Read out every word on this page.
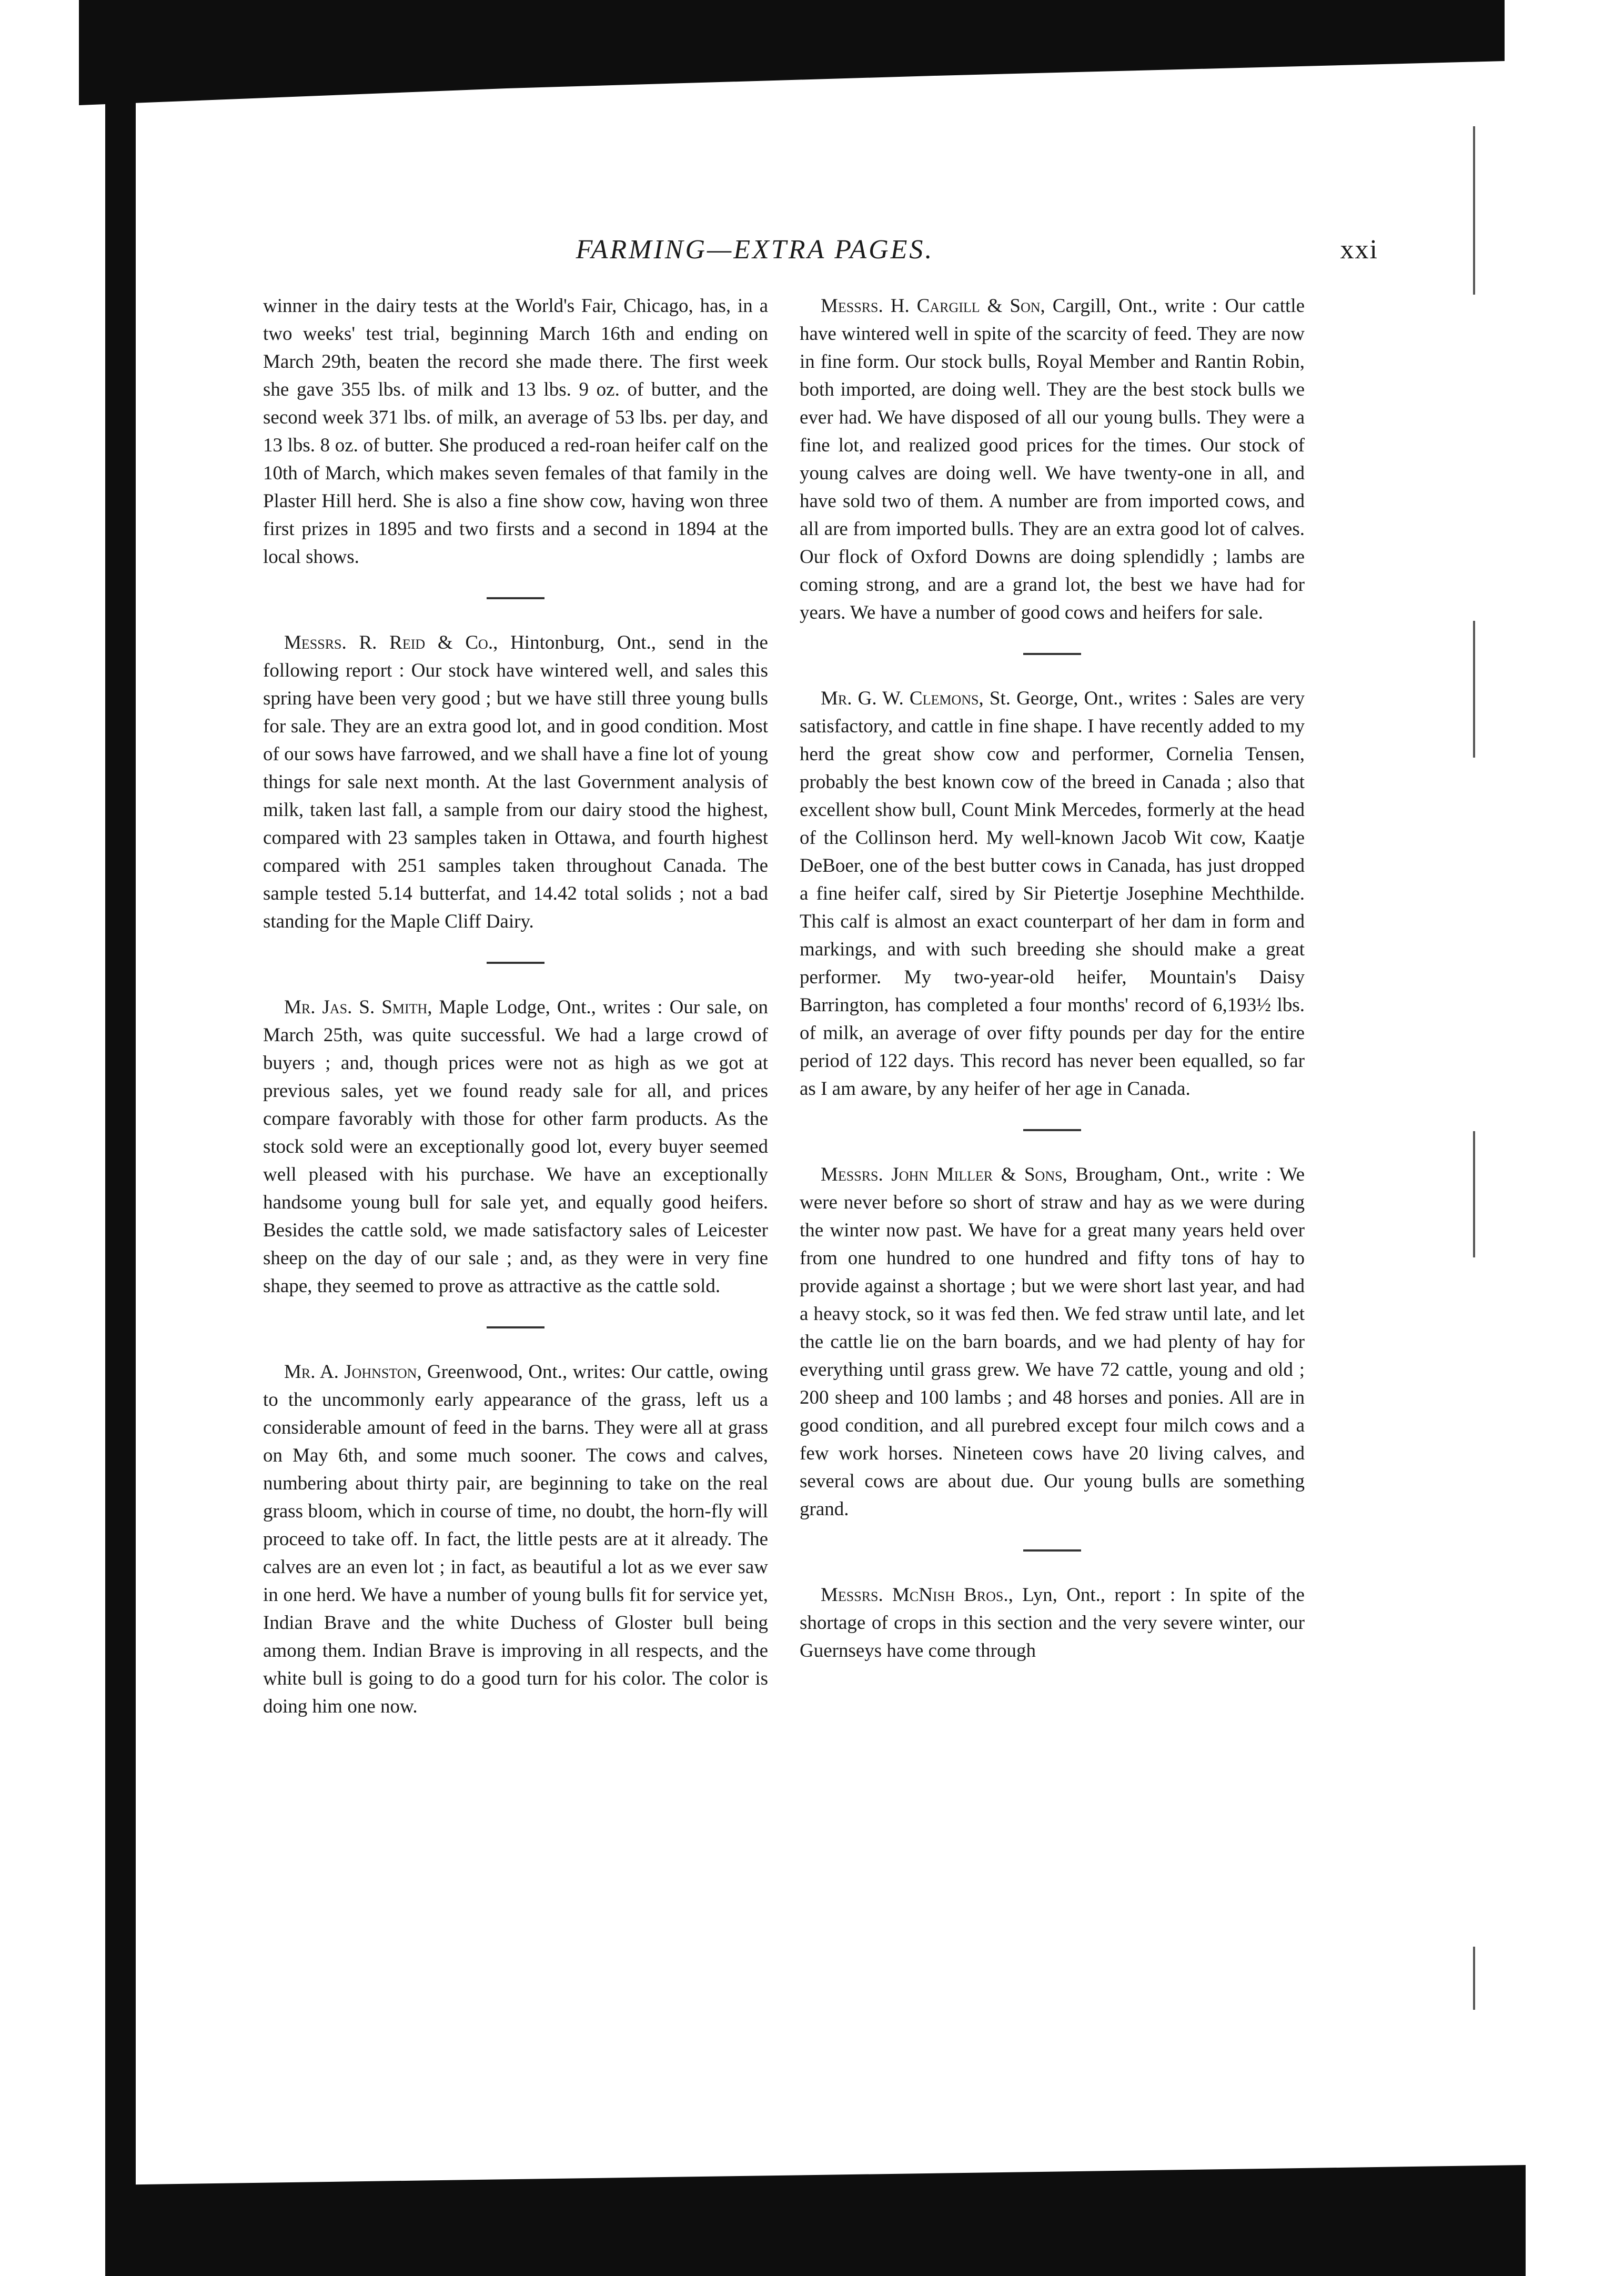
FARMING—EXTRA PAGES.	xxi

winner in the dairy tests at the World's Fair, Chicago, has, in a two weeks' test trial, beginning March 16th and ending on March 29th, beaten the record she made there. The first week she gave 355 lbs. of milk and 13 lbs. 9 oz. of butter, and the second week 371 lbs. of milk, an average of 53 lbs. per day, and 13 lbs. 8 oz. of butter. She produced a red-roan heifer calf on the 10th of March, which makes seven females of that family in the Plaster Hill herd. She is also a fine show cow, having won three first prizes in 1895 and two firsts and a second in 1894 at the local shows.

Messrs. R. Reid & Co., Hintonburg, Ont., send in the following report : Our stock have wintered well, and sales this spring have been very good ; but we have still three young bulls for sale. They are an extra good lot, and in good condition. Most of our sows have farrowed, and we shall have a fine lot of young things for sale next month. At the last Government analysis of milk, taken last fall, a sample from our dairy stood the highest, compared with 23 samples taken in Ottawa, and fourth highest compared with 251 samples taken throughout Canada. The sample tested 5.14 butterfat, and 14.42 total solids ; not a bad standing for the Maple Cliff Dairy.

Mr. Jas. S. Smith, Maple Lodge, Ont., writes : Our sale, on March 25th, was quite successful. We had a large crowd of buyers ; and, though prices were not as high as we got at previous sales, yet we found ready sale for all, and prices compare favorably with those for other farm products. As the stock sold were an exceptionally good lot, every buyer seemed well pleased with his purchase. We have an exceptionally handsome young bull for sale yet, and equally good heifers. Besides the cattle sold, we made satisfactory sales of Leicester sheep on the day of our sale ; and, as they were in very fine shape, they seemed to prove as attractive as the cattle sold.

Mr. A. Johnston, Greenwood, Ont., writes: Our cattle, owing to the uncommonly early appearance of the grass, left us a considerable amount of feed in the barns. They were all at grass on May 6th, and some much sooner. The cows and calves, numbering about thirty pair, are beginning to take on the real grass bloom, which in course of time, no doubt, the horn-fly will proceed to take off. In fact, the little pests are at it already. The calves are an even lot ; in fact, as beautiful a lot as we ever saw in one herd. We have a number of young bulls fit for service yet, Indian Brave and the white Duchess of Gloster bull being among them. Indian Brave is improving in all respects, and the white bull is going to do a good turn for his color. The color is doing him one now.

Messrs. H. Cargill & Son, Cargill, Ont., write : Our cattle have wintered well in spite of the scarcity of feed. They are now in fine form. Our stock bulls, Royal Member and Rantin Robin, both imported, are doing well. They are the best stock bulls we ever had. We have disposed of all our young bulls. They were a fine lot, and realized good prices for the times. Our stock of young calves are doing well. We have twenty-one in all, and have sold two of them. A number are from imported cows, and all are from imported bulls. They are an extra good lot of calves. Our flock of Oxford Downs are doing splendidly ; lambs are coming strong, and are a grand lot, the best we have had for years. We have a number of good cows and heifers for sale.

Mr. G. W. Clemons, St. George, Ont., writes : Sales are very satisfactory, and cattle in fine shape. I have recently added to my herd the great show cow and performer, Cornelia Tensen, probably the best known cow of the breed in Canada ; also that excellent show bull, Count Mink Mercedes, formerly at the head of the Collinson herd. My well-known Jacob Wit cow, Kaatje DeBoer, one of the best butter cows in Canada, has just dropped a fine heifer calf, sired by Sir Pietertje Josephine Mechthilde. This calf is almost an exact counterpart of her dam in form and markings, and with such breeding she should make a great performer. My two-year-old heifer, Mountain's Daisy Barrington, has completed a four months' record of 6,193½ lbs. of milk, an average of over fifty pounds per day for the entire period of 122 days. This record has never been equalled, so far as I am aware, by any heifer of her age in Canada.

Messrs. John Miller & Sons, Brougham, Ont., write : We were never before so short of straw and hay as we were during the winter now past. We have for a great many years held over from one hundred to one hundred and fifty tons of hay to provide against a shortage ; but we were short last year, and had a heavy stock, so it was fed then. We fed straw until late, and let the cattle lie on the barn boards, and we had plenty of hay for everything until grass grew. We have 72 cattle, young and old ; 200 sheep and 100 lambs ; and 48 horses and ponies. All are in good condition, and all purebred except four milch cows and a few work horses. Nineteen cows have 20 living calves, and several cows are about due. Our young bulls are something grand.

Messrs. McNish Bros., Lyn, Ont., report : In spite of the shortage of crops in this section and the very severe winter, our Guernseys have come through
